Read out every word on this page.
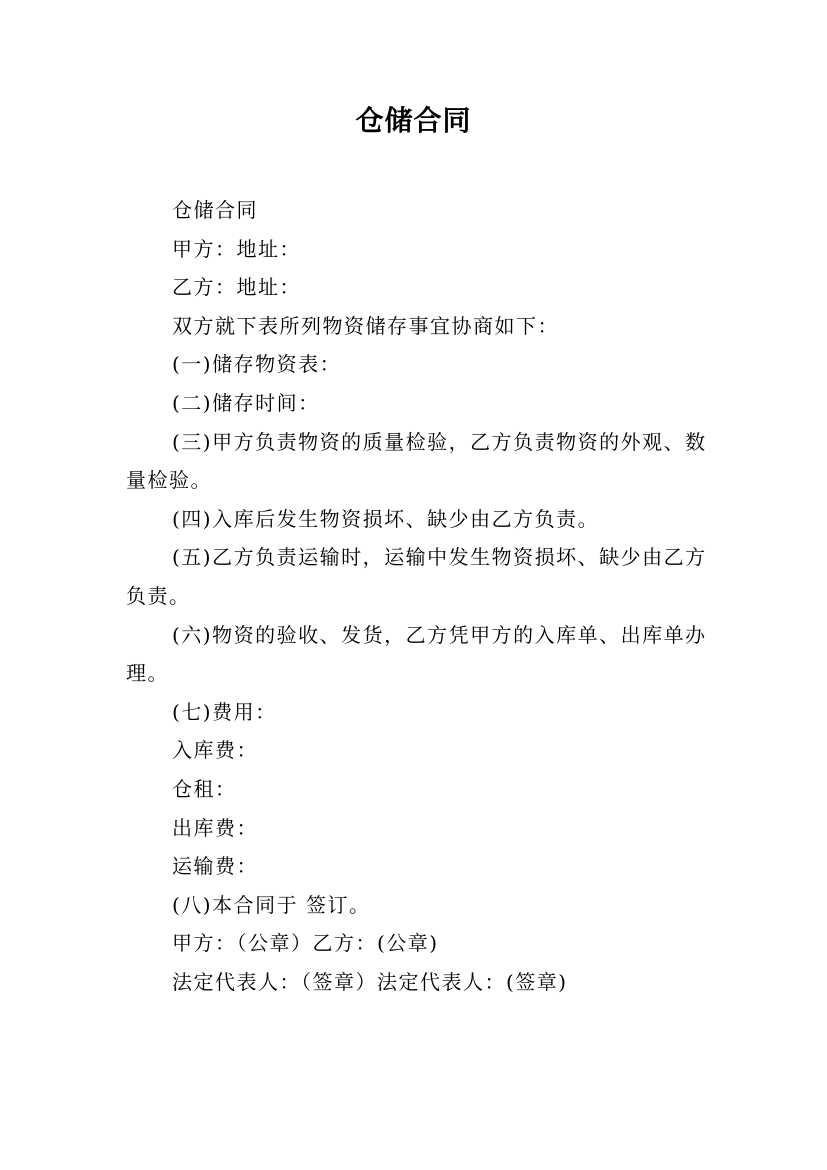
仓储合同

仓储合同

甲方：地址：

乙方：地址：

双方就下表所列物资储存事宜协商如下：

(一)储存物资表：

(二)储存时间：

(三)甲方负责物资的质量检验，乙方负责物资的外观、数量检验。

(四)入库后发生物资损坏、缺少由乙方负责。

(五)乙方负责运输时，运输中发生物资损坏、缺少由乙方负责。

(六)物资的验收、发货，乙方凭甲方的入库单、出库单办理。

(七)费用：

入库费：

仓租：

出库费：

运输费：

(八)本合同于 签订。

甲方：（公章）乙方：(公章)

法定代表人：（签章）法定代表人：(签章)
